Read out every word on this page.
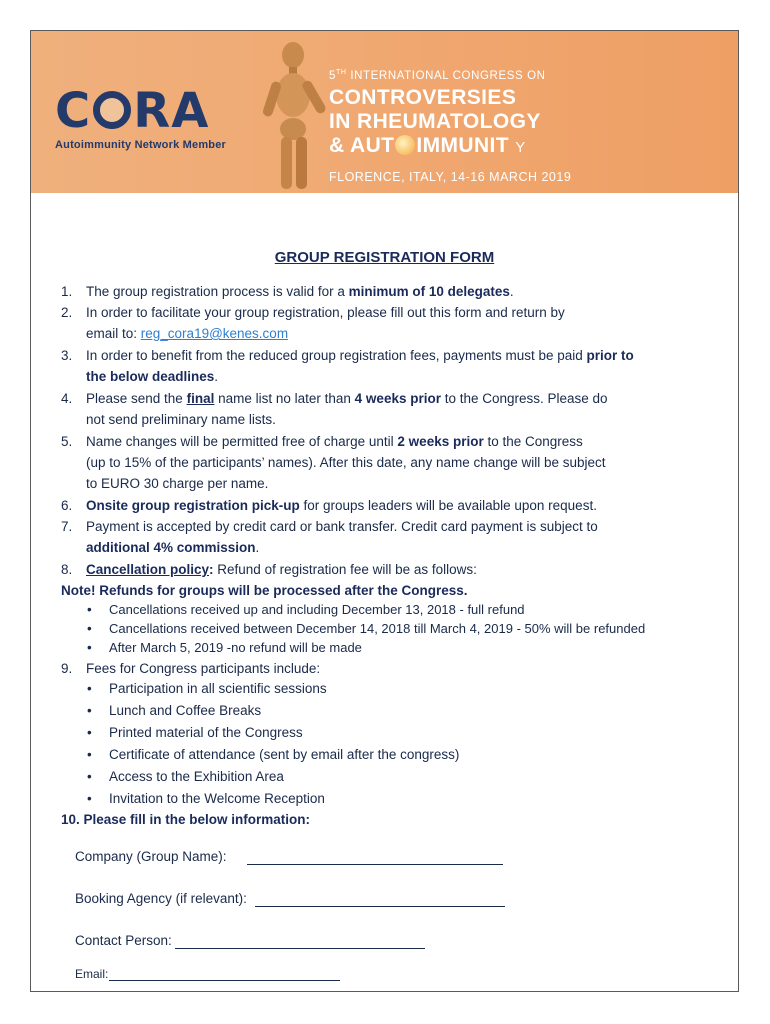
C RA
Autoimmunity Network Member
5TH INTERNATIONAL CONGRESS ON
CONTROVERSIES
IN RHEUMATOLOGY
& AUT IMMUNIT Y
FLORENCE, ITALY, 14-16 MARCH 2019
GROUP REGISTRATION FORM
1. The group registration process is valid for a minimum of 10 delegates.
2. In order to facilitate your group registration, please fill out this form and return by
email to: reg_cora19@kenes.com
3. In order to benefit from the reduced group registration fees, payments must be paid prior to
the below deadlines.
4. Please send the final name list no later than 4 weeks prior to the Congress. Please do
not send preliminary name lists.
5. Name changes will be permitted free of charge until 2 weeks prior to the Congress
(up to 15% of the participants’ names). After this date, any name change will be subject
to EURO 30 charge per name.
6. Onsite group registration pick-up for groups leaders will be available upon request.
7. Payment is accepted by credit card or bank transfer. Credit card payment is subject to
additional 4% commission.
8. Cancellation policy: Refund of registration fee will be as follows:
Note! Refunds for groups will be processed after the Congress.
• Cancellations received up and including December 13, 2018 - full refund
• Cancellations received between December 14, 2018 till March 4, 2019 - 50% will be refunded
• After March 5, 2019 -no refund will be made
9. Fees for Congress participants include:
• Participation in all scientific sessions
• Lunch and Coffee Breaks
• Printed material of the Congress
• Certificate of attendance (sent by email after the congress)
• Access to the Exhibition Area
• Invitation to the Welcome Reception
10. Please fill in the below information:
Company (Group Name):
Booking Agency (if relevant):
Contact Person:
Email:
